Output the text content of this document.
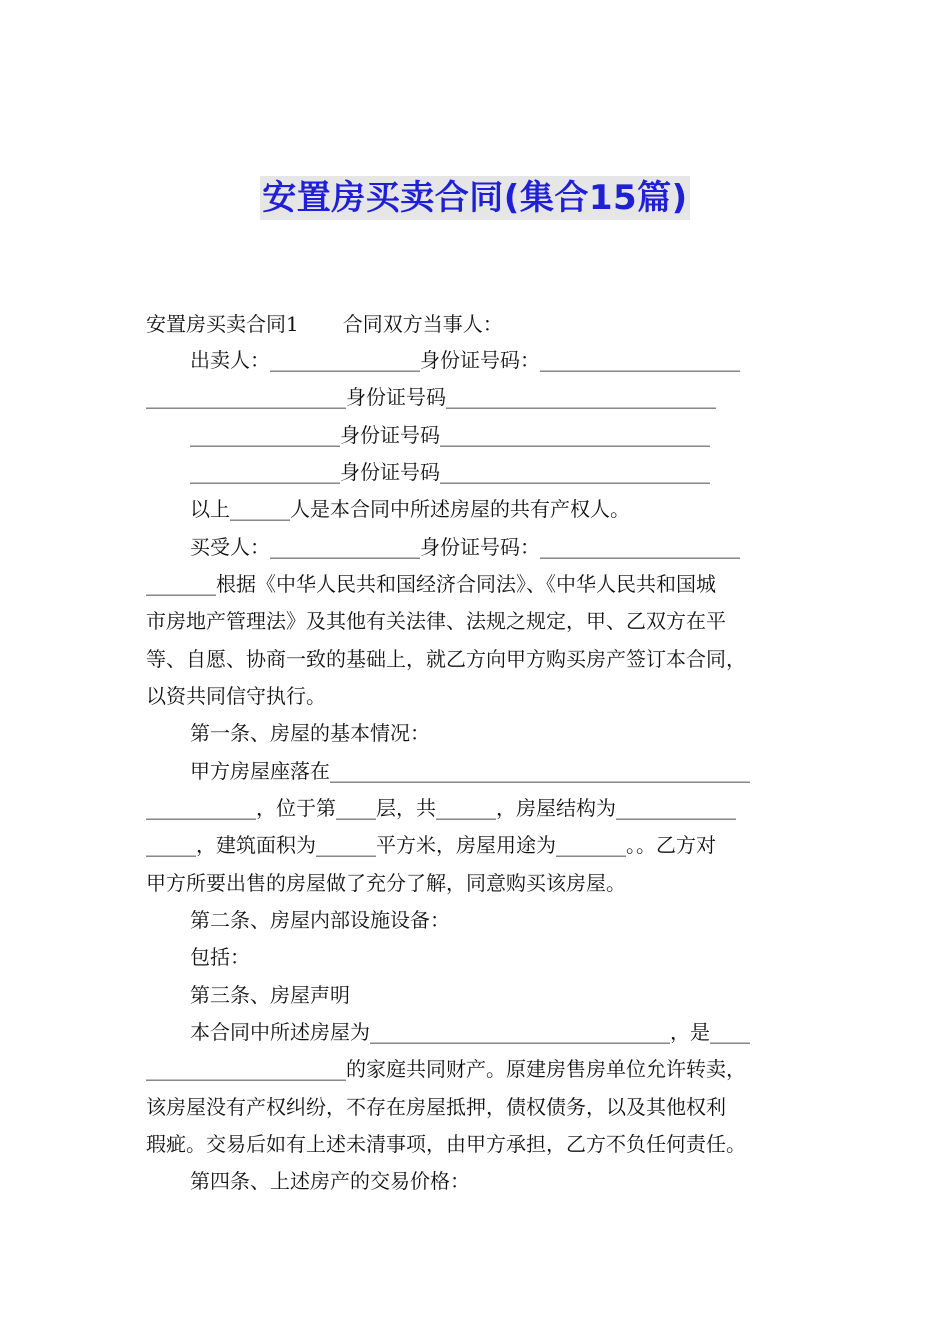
安置房买卖合同(集合15篇)
安置房买卖合同1 合同双方当事人：
出卖人：_______________身份证号码：____________________
____________________身份证号码___________________________
_______________身份证号码___________________________
_______________身份证号码___________________________
以上______人是本合同中所述房屋的共有产权人。
买受人：_______________身份证号码：____________________
_______根据《中华人民共和国经济合同法》、《中华人民共和国城
市房地产管理法》及其他有关法律、法规之规定，甲、乙双方在平
等、自愿、协商一致的基础上，就乙方向甲方购买房产签订本合同，
以资共同信守执行。
第一条、房屋的基本情况：
甲方房屋座落在__________________________________________
___________，位于第____层，共______，房屋结构为____________
_____，建筑面积为______平方米，房屋用途为_______。。乙方对
甲方所要出售的房屋做了充分了解，同意购买该房屋。
第二条、房屋内部设施设备：
包括：
第三条、房屋声明
本合同中所述房屋为______________________________，是____
____________________的家庭共同财产。原建房售房单位允许转卖，
该房屋没有产权纠纷，不存在房屋抵押，债权债务，以及其他权利
瑕疵。交易后如有上述未清事项，由甲方承担，乙方不负任何责任。
第四条、上述房产的交易价格：
